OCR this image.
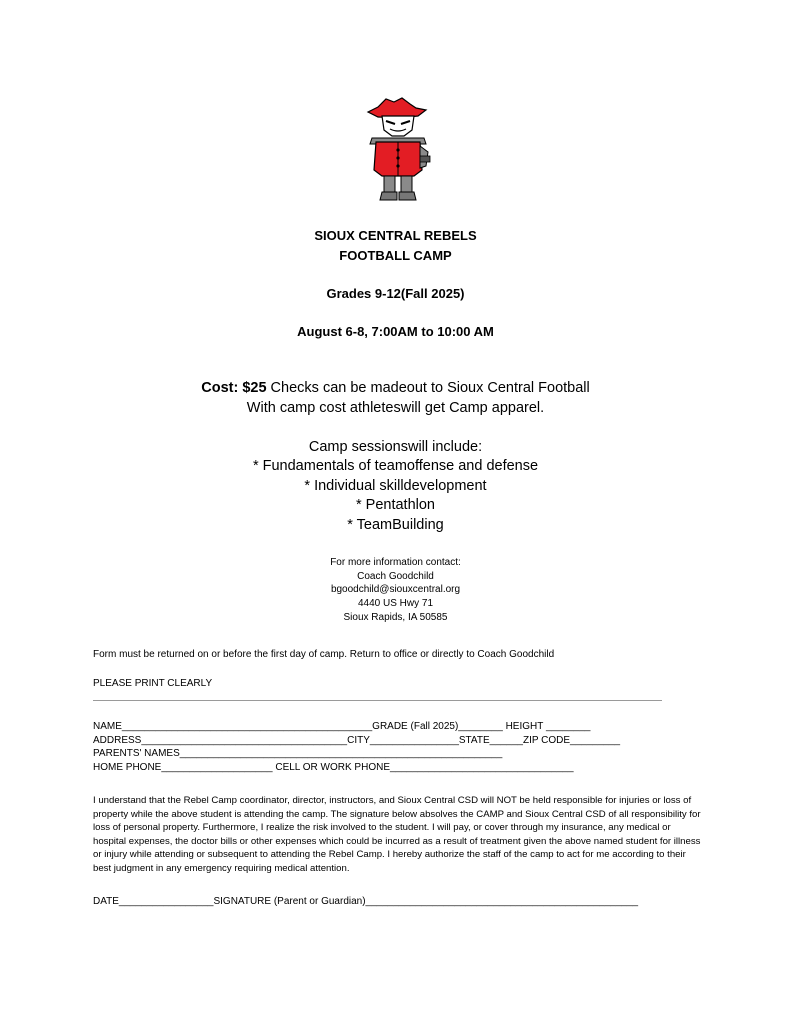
SIOUX CENTRAL REBELS
FOOTBALL CAMP
Grades 9-12(Fall 2025)
August 6-8, 7:00AM to 10:00 AM
Cost: $25 Checks can be madeout to Sioux Central Football
With camp cost athleteswill get Camp apparel.
Camp sessionswill include:
* Fundamentals of teamoffense and defense
* Individual skilldevelopment
* Pentathlon
* TeamBuilding
For more information contact:
Coach Goodchild
bgoodchild@siouxcentral.org
4440 US Hwy 71
Sioux Rapids, IA 50585
Form must be returned on or before the first day of camp. Return to office or directly to Coach Goodchild
PLEASE PRINT CLEARLY
NAME_____________________________________________GRADE (Fall 2025)________ HEIGHT ________
ADDRESS_____________________________________CITY________________STATE______ZIP CODE_________
PARENTS' NAMES__________________________________________________________
HOME PHONE____________________ CELL OR WORK PHONE_________________________________
I understand that the Rebel Camp coordinator, director, instructors, and Sioux Central CSD will NOT be held responsible for injuries or loss of property while the above student is attending the camp. The signature below absolves the CAMP and Sioux Central CSD of all responsibility for loss of personal property. Furthermore, I realize the risk involved to the student. I will pay, or cover through my insurance, any medical or hospital expenses, the doctor bills or other expenses which could be incurred as a result of treatment given the above named student for illness or injury while attending or subsequent to attending the Rebel Camp. I hereby authorize the staff of the camp to act for me according to their best judgment in any emergency requiring medical attention.
DATE_________________SIGNATURE (Parent or Guardian)_________________________________________________
